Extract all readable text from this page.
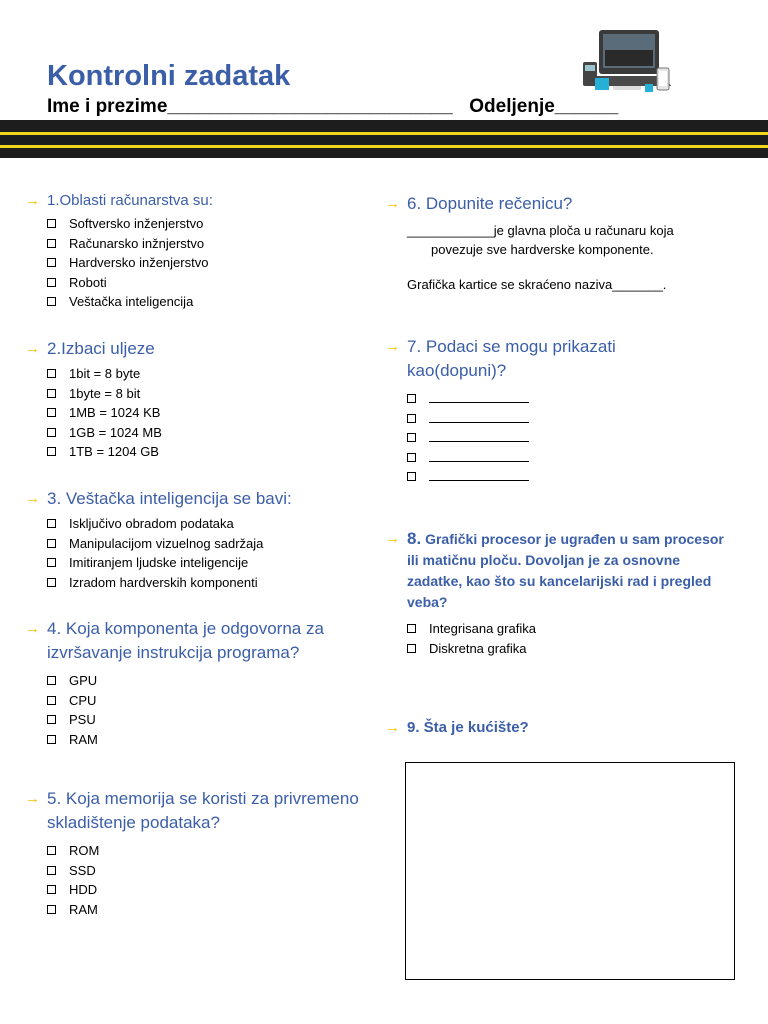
Kontrolni zadatak
Ime i prezime___________________________ Odeljenje______
→ 1.Oblasti računarstva su:
Softversko inženjerstvo
Računarsko inžnjerstvo
Hardversko inženjerstvo
Roboti
Veštačka inteligencija
→ 2.Izbaci uljeze
1bit = 8 byte
1byte = 8 bit
1MB = 1024 KB
1GB = 1024 MB
1TB = 1204 GB
→ 3. Veštačka inteligencija se bavi:
Isključivo obradom podataka
Manipulacijom vizuelnog sadržaja
Imitiranjem ljudske inteligencije
Izradom hardverskih komponenti
→ 4. Koja komponenta je odgovorna za izvršavanje instrukcija programa?
GPU
CPU
PSU
RAM
→ 5. Koja memorija se koristi za privremeno skladištenje podataka?
ROM
SSD
HDD
RAM
→ 6. Dopunite rečenicu?
____________je glavna ploča u računaru koja
povezuje sve hardverske komponente.
Grafička kartice se skraćeno naziva_______.
→ 7. Podaci se mogu prikazati kao(dopuni)?
→ 8. Grafički procesor je ugrađen u sam procesor ili matičnu ploču. Dovoljan je za osnovne zadatke, kao što su kancelarijski rad i pregled veba?
Integrisana grafika
Diskretna grafika
→ 9. Šta je kućište?
